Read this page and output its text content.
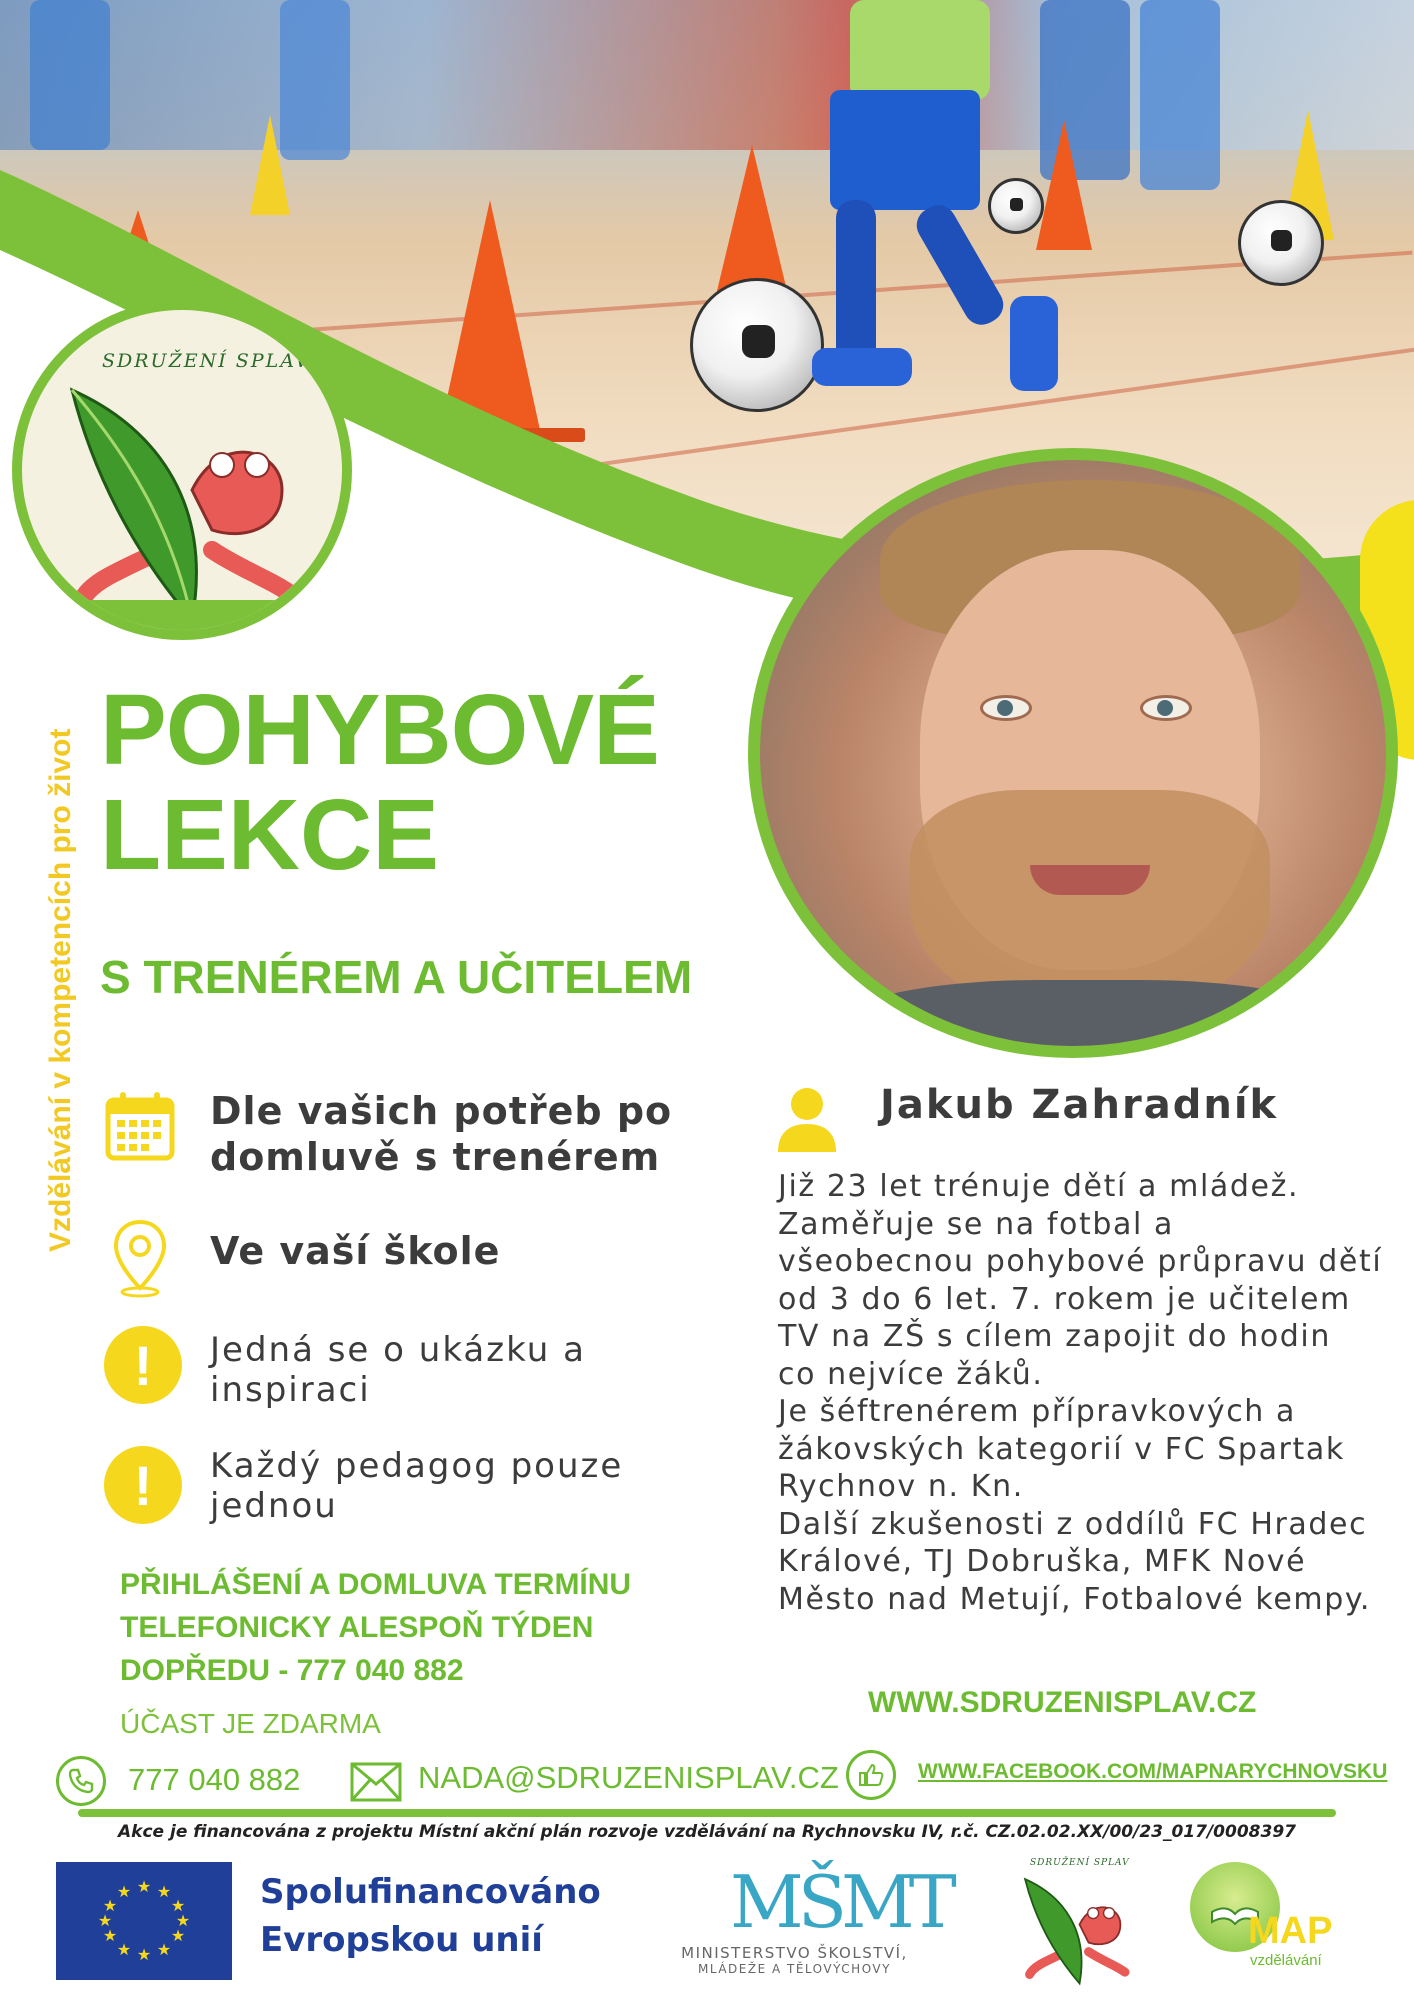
SDRUŽENÍ SPLAV
Vzdělávání v kompetencích pro život POHYBOVÉ
LEKCE
S TRENÉREM A UČITELEM
Dle vašich potřeb po
domluvě s trenérem
Ve vaší škole
!	Jedná se o ukázku a
inspiraci
!	Každý pedagog pouze
jednou
Jakub Zahradník
Již 23 let trénuje dětí a mládež.
Zaměřuje se na fotbal a
všeobecnou pohybové průpravu dětí
od 3 do 6 let. 7. rokem je učitelem
TV na ZŠ s cílem zapojit do hodin
co nejvíce žáků.
Je šéftrenérem přípravkových a
žákovských kategorií v FC Spartak
Rychnov n. Kn.
Další zkušenosti z oddílů FC Hradec
Králové, TJ Dobruška, MFK Nové
Město nad Metují, Fotbalové kempy.
PŘIHLÁŠENÍ A DOMLUVA TERMÍNU
TELEFONICKY ALESPOŇ TÝDEN
DOPŘEDU - 777 040 882
ÚČAST JE ZDARMA
WWW.SDRUZENISPLAV.CZ
777 040 882	NADA@SDRUZENISPLAV.CZ	WWW.FACEBOOK.COM/MAPNARYCHNOVSKU
Akce je financována z projektu Místní akční plán rozvoje vzdělávání na Rychnovsku IV, r.č. CZ.02.02.XX/00/23_017/0008397
★ ★
★
★
★
★
★
★
★
★
★
★	Spolufinancováno
Evropskou unií	MŠMT
MINISTERSTVO ŠKOLSTVÍ,
MLÁDEŽE A TĚLOVÝCHOVY
SDRUŽENÍ SPLAV
MAP
vzdělávání
